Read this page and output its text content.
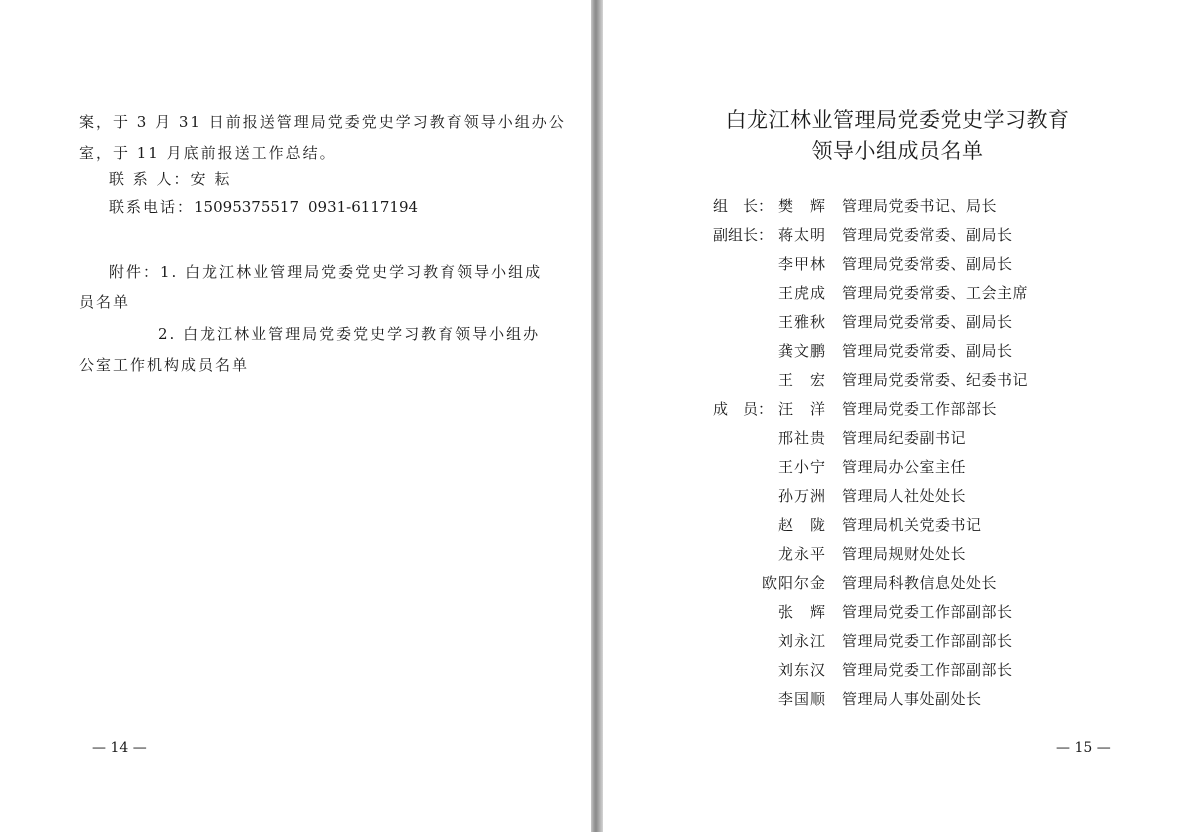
案，于 3 月 31 日前报送管理局党委党史学习教育领导小组办公
室，于 11 月底前报送工作总结。
联 系 人：安 耘
联系电话：15095375517 0931-6117194
附件：1. 白龙江林业管理局党委党史学习教育领导小组成
员名单
2. 白龙江林业管理局党委党史学习教育领导小组办
公室工作机构成员名单
— 14 —
白龙江林业管理局党委党史学习教育
领导小组成员名单
组　长： 樊　辉 管理局党委书记、局长
副组长： 蒋太明 管理局党委常委、副局长
李甲林 管理局党委常委、副局长
王虎成 管理局党委常委、工会主席
王雅秋 管理局党委常委、副局长
龚文鹏 管理局党委常委、副局长
王　宏 管理局党委常委、纪委书记
成　员： 汪　洋 管理局党委工作部部长
邢社贵 管理局纪委副书记
王小宁 管理局办公室主任
孙万洲 管理局人社处处长
赵　陇 管理局机关党委书记
龙永平 管理局规财处处长
欧阳尔金 管理局科教信息处处长
张　辉 管理局党委工作部副部长
刘永江 管理局党委工作部副部长
刘东汉 管理局党委工作部副部长
李国顺 管理局人事处副处长
— 15 —
